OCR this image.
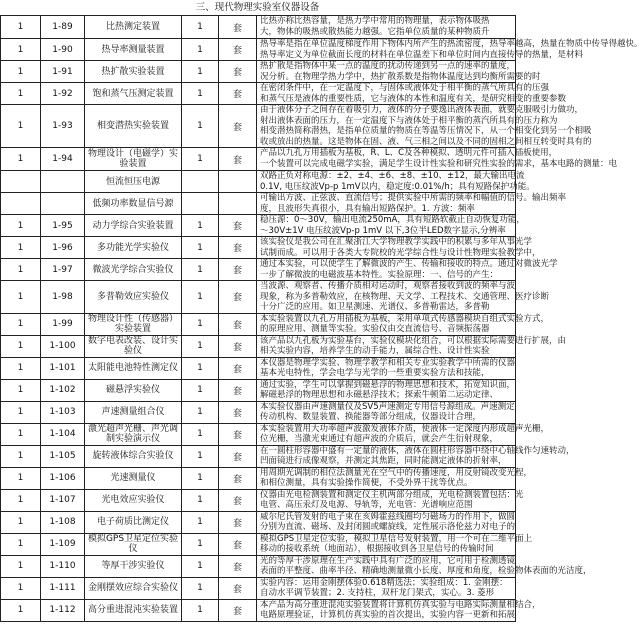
三、现代物理实验室仪器设备
1	1-89	比热测定装置	1	套	比热亦称比热容量，是热力学中常用的物理量，表示物体吸热
大，物体的吸热或散热能力越强。它指单位质量的某种物质升

1	1-90	热导率测量装置	1	套	热导率是指在单位温度梯度作用下物体内所产生的热流密度，热导率越高，热量在物质中传导得越快。
热导率定义为单位截面长度的材料在单位温差下和单位时间内直接传导的热量，是材料

1	1-91	热扩散实验装置	1	套	热扩散是指物体中某一点的温度的扰动传递到另一点的速率的量度，
况分析。在物理学热力学中，热扩散系数是指物体温度达到均衡所需要的时

1	1-92	饱和蒸气压测定装置	1	套	在密闭条件中，在一定温度下，与固体或液体处于相平衡的蒸气所具有的压强
和蒸气压是液体的重要性质，它与液体的本性和温度有关，是研究相变的重要参数

1	1-93	相变潜热实验装置	1	套	由于液体分子之间存在着吸引力，液体的分子要逸出液体表面，就要克服吸引力做功，
射出液体表面的压力，在一定温度下与液体处于相平衡的蒸汽所具有的压力称为
相变潜热简称潜热，是指单位质量的物质在等温等压情况下，从一个相变化到另一个相吸
收或放出的热量。这是物体在固、液、气三相之间以及不同的固相之间相互转变时具有的

1	1-94	物理设计（电磁学）实验装置	1	套	产品以九孔万用插板为基板，R、L、C及各种模拟、透明元件可插入插板使用，
一个装置可以完成电磁学实验，满足学生设计性实验和研究性实验的需求，基本电路的测量：电

		恒流恒压电源			双路正负对称电源：±2、±4、±6、±8、±10、±12，最大输出电流
0.1V, 电压纹波Vp-p 1mV以内，稳定度:0.01%/h；具有短路保护功能。

		低频功率数显信号源			可输出方波、正弦波、直流信号；提供实验中所需的频率和幅值的信号。输出频率
度，且波形失真很小，具有输出短路保护。1. 方波：频率

1	1-95	动力学综合实验装置	1	套	稳压源：0～30V，输出电流250mA，具有短路软截止自动恢复功能，
～30V±1V 电压纹波Vp-p 1mV 以下,3位半LED数字显示,分辨率

1	1-96	多功能光学实验仪	1	套	该实验仪是我公司在汇聚浙江大学物理教学实践中的积累与多年从事光学
试制而成。可以用于各类大专院校的光学综合性与设计性物理实验教学中，

1	1-97	微波光学综合实验仪	1	套	通过本实验，可以使学生了解微波的产生、传输和接收的特点。通过对微波光学
一步了解微波的电磁波基本特性。实验原理：一、信号的产生：

1	1-98	多普勒效应实验仪	1	套	当波源、观察者、传播介质相对运动时，观察者接收到波的频率与波
现象，称为多普勒效应，在核物理、天文学、工程技术、交通管理、医疗诊断
十分广泛的应用。如卫星测速、光谱仪、多普勒雷达，多普勒

1	1-99	物理设计性（传感器）实验装置	1	套	本实验装置以九孔万用插板为基板，采用单项式传感器模块自组式实验方式，
的原理应用、测量等实验。实验仪由交直流信号、音频振荡器

1	1-100	数字电表改装、设计实验仪	1	套	该产品以九孔板为实验基台，实验仪模块化组合，可以根据实际需要进行扩展，由
相关实验内容，培养学生的动手能力，属综合性、设计性实验

1	1-101	太阳能电池特性测定仪	1	套	本仪器是物理学实验、物理学教学和相关专业实验教学中所需的仪器
基本光电特性，学会电学与光学的一些重要实验方法和技能，

1	1-102	磁悬浮实验仪	1	套	通过实验，学生可以掌握到磁悬浮的物理思想和技术，拓宽知识面，
解磁悬浮的物理思想和永磁悬浮技术；探索牛顿第二运动定律、

1	1-103	声速测量组合仪	1	套	本实验仪器由声速测量仪及SV5声速测定专用信号源组成。声速测定
传动机构、数显装置、换能器等部分组成，仪器设计合理，

1	1-104	激光超声光栅、声光调制实验演示仪	1	套	本实验装置用大功率超声波激发液体介质，使液体一定深度内形成超声光栅，
位光栅，当激光束通过有超声波的介质后，就会产生衍射现象，

1	1-105	旋转液体综合实验仪	1	套	在一圆柱形容器中盛有一定量的液体，液体在圆柱形容器中绕中心轴线作匀速转动，
凹面镜进行成像观察，并测定其焦距，同时能测定液体的折射率，

1	1-106	光速测量仪	1	套	用周期光调制的相位法测量光在空气中的传播速度，用反射镜改变光程，
和相位测量，具有实验操作简便，不受外界干扰等优点。

1	1-107	光电效应实验仪	1	套	仪器由光电检测装置和测定仪主机两部分组成，光电检测装置包括：光
电管、高压汞灯及电源、导轨等，光电管：光谱响应范围

1	1-108	电子荷质比测定仪	1	套	威尔尼氏管发射的电子束在亥姆霍兹线圈均匀磁场力的作用下，做圆
分别为直流、磁场、及封闭圆或螺旋线，定性展示洛伦兹力对电子的

1	1-109	模拟GPS卫星定位实验仪	1	套	模拟GPS卫星定位实验，模拟卫星信号发射装置，用一个可在二维平面上
移动的接收系统（地面站），根据接收到各卫星信号的传输时间

1	1-110	等厚干涉实验仪	1	套	光的等厚干涉原理在生产实践中具有广泛的应用，它可用于检测透镜
表面的平整度、曲率半径、精确地测量微小长度、厚度和角度，检验物体表面的光洁度，

1	1-111	金刚摆效应综合实验仪	1	套	实验内容：运用金刚摆体验0.618精选法；实验组成：1. 金刚摆：
自动水平调节装置；2. 支持柱，双杆龙门架式，实心。3. 菱形

1	1-112	高分重进混沌实验装置	1	套	本产品为高分重进混沌实验装置将计算机仿真实验与电路实际测量相结合，
电路原理验证，计算机仿真实验的首次提出，实验内容一更新和拓展
